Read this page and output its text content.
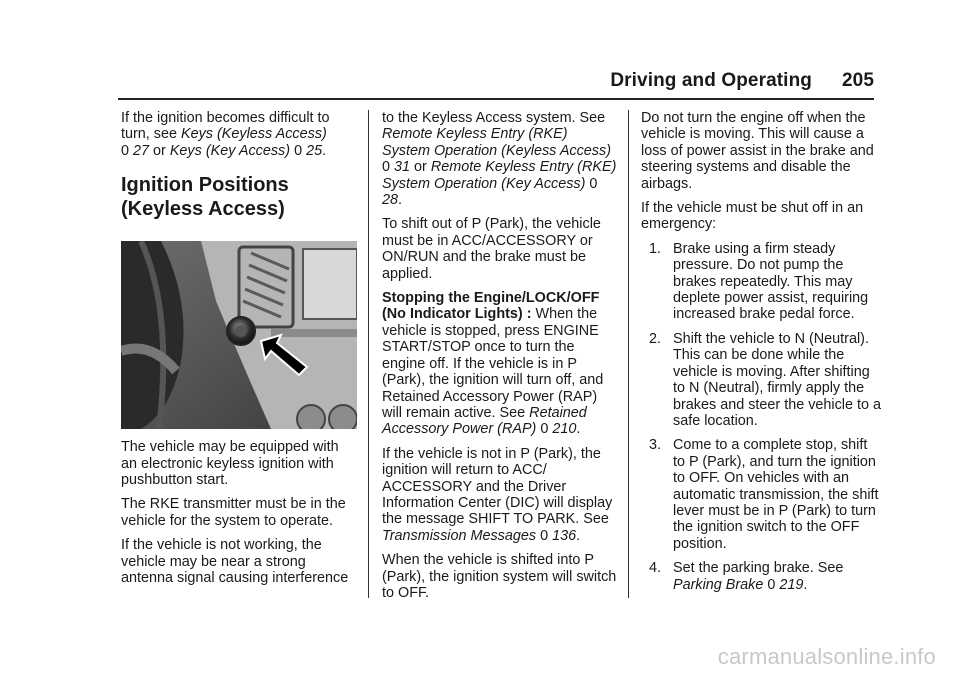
Driving and Operating 205

If the ignition becomes difficult to turn, see Keys (Keyless Access)
0 27 or Keys (Key Access) 0 25.

Ignition Positions
(Keyless Access)

The vehicle may be equipped with an electronic keyless ignition with pushbutton start.

The RKE transmitter must be in the vehicle for the system to operate.

If the vehicle is not working, the vehicle may be near a strong antenna signal causing interference

to the Keyless Access system. See Remote Keyless Entry (RKE) System Operation (Keyless Access)
0 31 or Remote Keyless Entry (RKE) System Operation (Key Access) 0 28.

To shift out of P (Park), the vehicle must be in ACC/ACCESSORY or ON/RUN and the brake must be applied.

Stopping the Engine/LOCK/OFF (No Indicator Lights) : When the vehicle is stopped, press ENGINE START/STOP once to turn the engine off. If the vehicle is in P (Park), the ignition will turn off, and Retained Accessory Power (RAP) will remain active. See Retained Accessory Power (RAP) 0 210.

If the vehicle is not in P (Park), the ignition will return to ACC/ ACCESSORY and the Driver Information Center (DIC) will display the message SHIFT TO PARK. See Transmission Messages 0 136.

When the vehicle is shifted into P (Park), the ignition system will switch to OFF.

Do not turn the engine off when the vehicle is moving. This will cause a loss of power assist in the brake and steering systems and disable the airbags.

If the vehicle must be shut off in an emergency:

1. Brake using a firm steady pressure. Do not pump the brakes repeatedly. This may deplete power assist, requiring increased brake pedal force.
2. Shift the vehicle to N (Neutral). This can be done while the vehicle is moving. After shifting to N (Neutral), firmly apply the brakes and steer the vehicle to a safe location.
3. Come to a complete stop, shift to P (Park), and turn the ignition to OFF. On vehicles with an automatic transmission, the shift lever must be in P (Park) to turn the ignition switch to the OFF position.
4. Set the parking brake. See Parking Brake 0 219.
carmanualsonline.info
